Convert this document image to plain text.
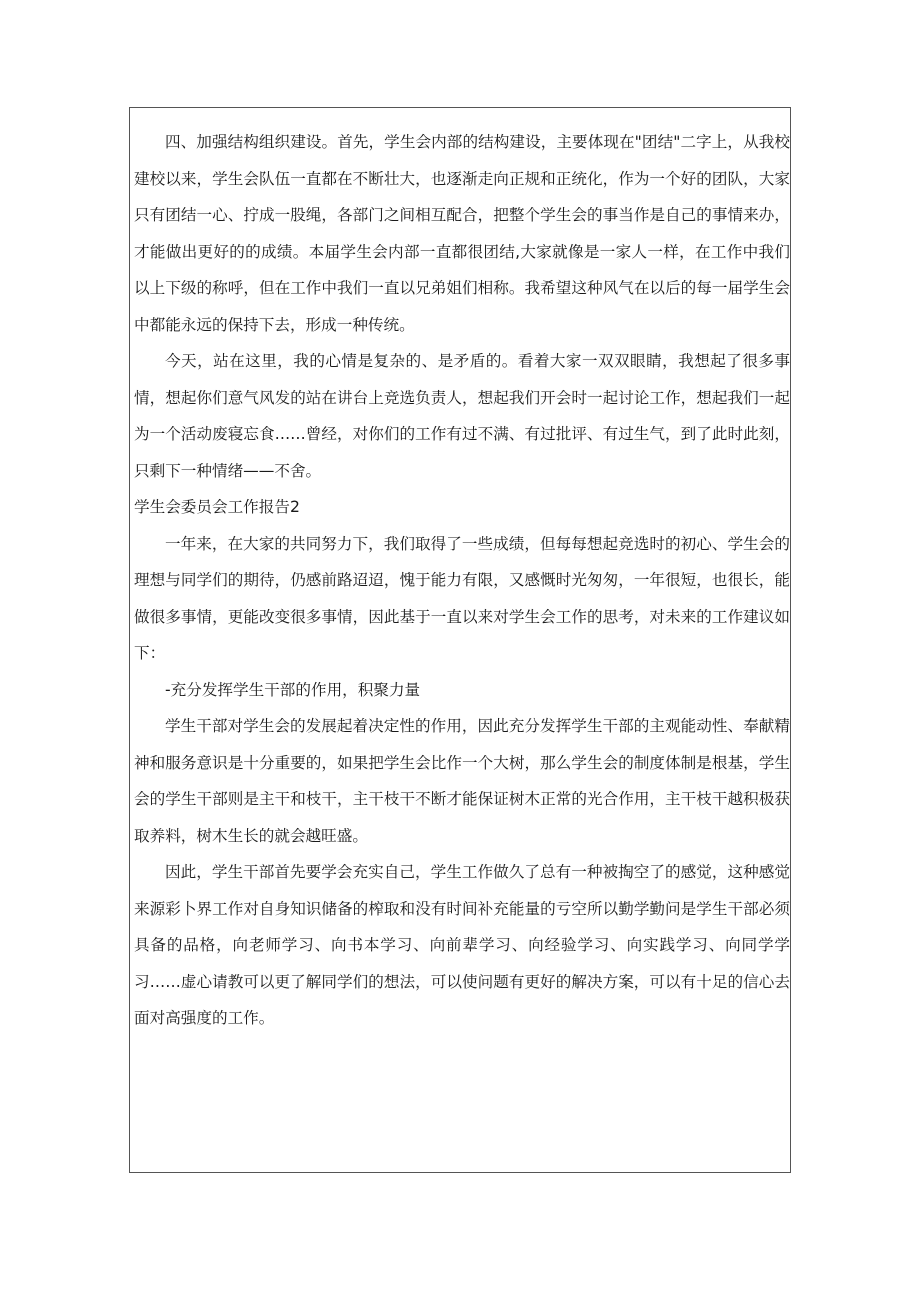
四、加强结构组织建设。首先，学生会内部的结构建设，主要体现在"团结"二字上，从我校建校以来，学生会队伍一直都在不断壮大，也逐渐走向正规和正统化，作为一个好的团队，大家只有团结一心、拧成一股绳，各部门之间相互配合，把整个学生会的事当作是自己的事情来办，才能做出更好的的成绩。本届学生会内部一直都很团结,大家就像是一家人一样，在工作中我们以上下级的称呼，但在工作中我们一直以兄弟姐们相称。我希望这种风气在以后的每一届学生会中都能永远的保持下去，形成一种传统。

今天，站在这里，我的心情是复杂的、是矛盾的。看着大家一双双眼睛，我想起了很多事情，想起你们意气风发的站在讲台上竞选负责人，想起我们开会时一起讨论工作，想起我们一起为一个活动废寝忘食……曾经，对你们的工作有过不满、有过批评、有过生气，到了此时此刻，只剩下一种情绪——不舍。

学生会委员会工作报告2

一年来，在大家的共同努力下，我们取得了一些成绩，但每每想起竞选时的初心、学生会的理想与同学们的期待，仍感前路迢迢，愧于能力有限，又感慨时光匆匆，一年很短，也很长，能做很多事情，更能改变很多事情，因此基于一直以来对学生会工作的思考，对未来的工作建议如下：

-充分发挥学生干部的作用，积聚力量

学生干部对学生会的发展起着决定性的作用，因此充分发挥学生干部的主观能动性、奉献精神和服务意识是十分重要的，如果把学生会比作一个大树，那么学生会的制度体制是根基，学生会的学生干部则是主干和枝干，主干枝干不断才能保证树木正常的光合作用，主干枝干越积极获取养料，树木生长的就会越旺盛。

因此，学生干部首先要学会充实自己，学生工作做久了总有一种被掏空了的感觉，这种感觉来源彩卜界工作对自身知识储备的榨取和没有时间补充能量的亏空所以勤学勤问是学生干部必须具备的品格，向老师学习、向书本学习、向前辈学习、向经验学习、向实践学习、向同学学习……虚心请教可以更了解同学们的想法，可以使问题有更好的解决方案，可以有十足的信心去面对高强度的工作。
